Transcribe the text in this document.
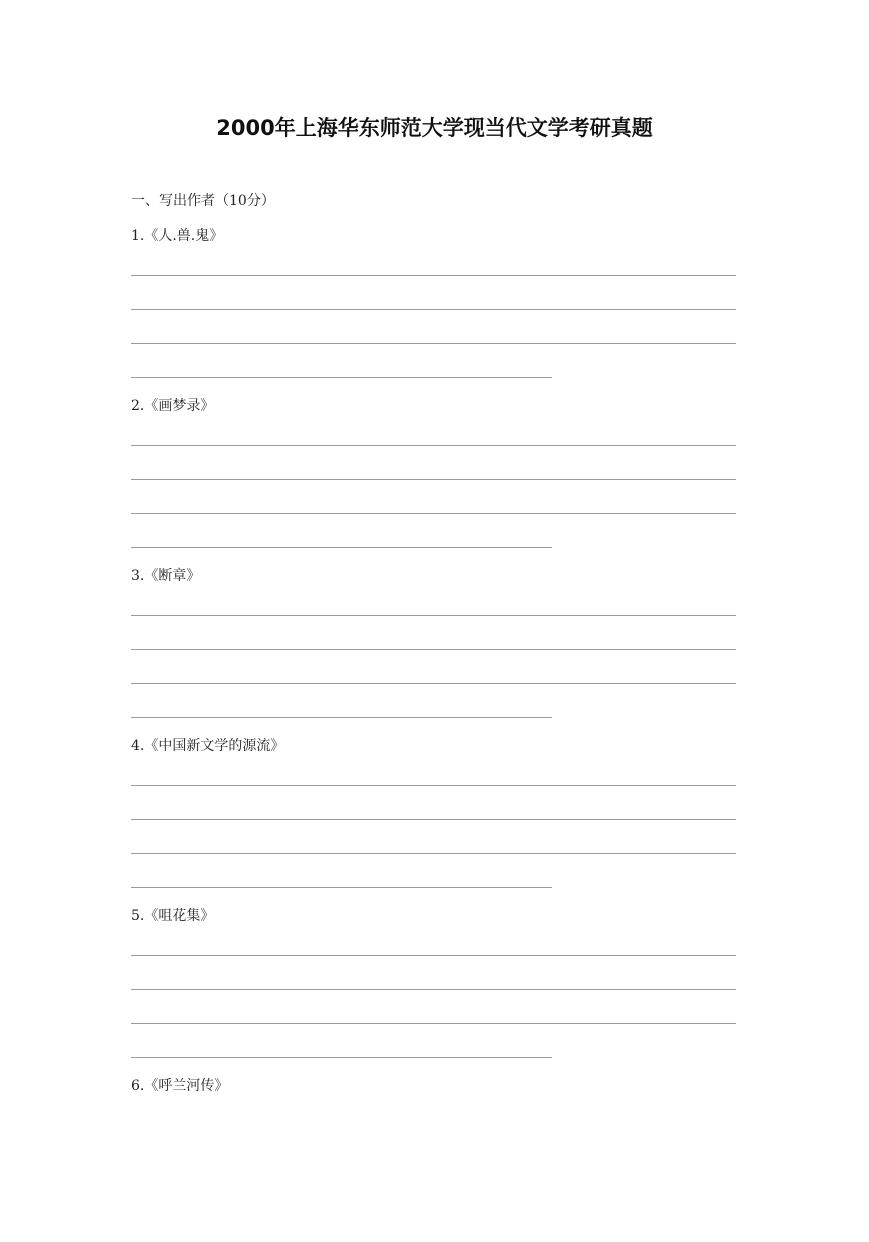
2000年上海华东师范大学现当代文学考研真题

一、写出作者（10分）

1.《人.兽.鬼》
2.《画梦录》
3.《断章》
4.《中国新文学的源流》
5.《咀花集》
6.《呼兰河传》
